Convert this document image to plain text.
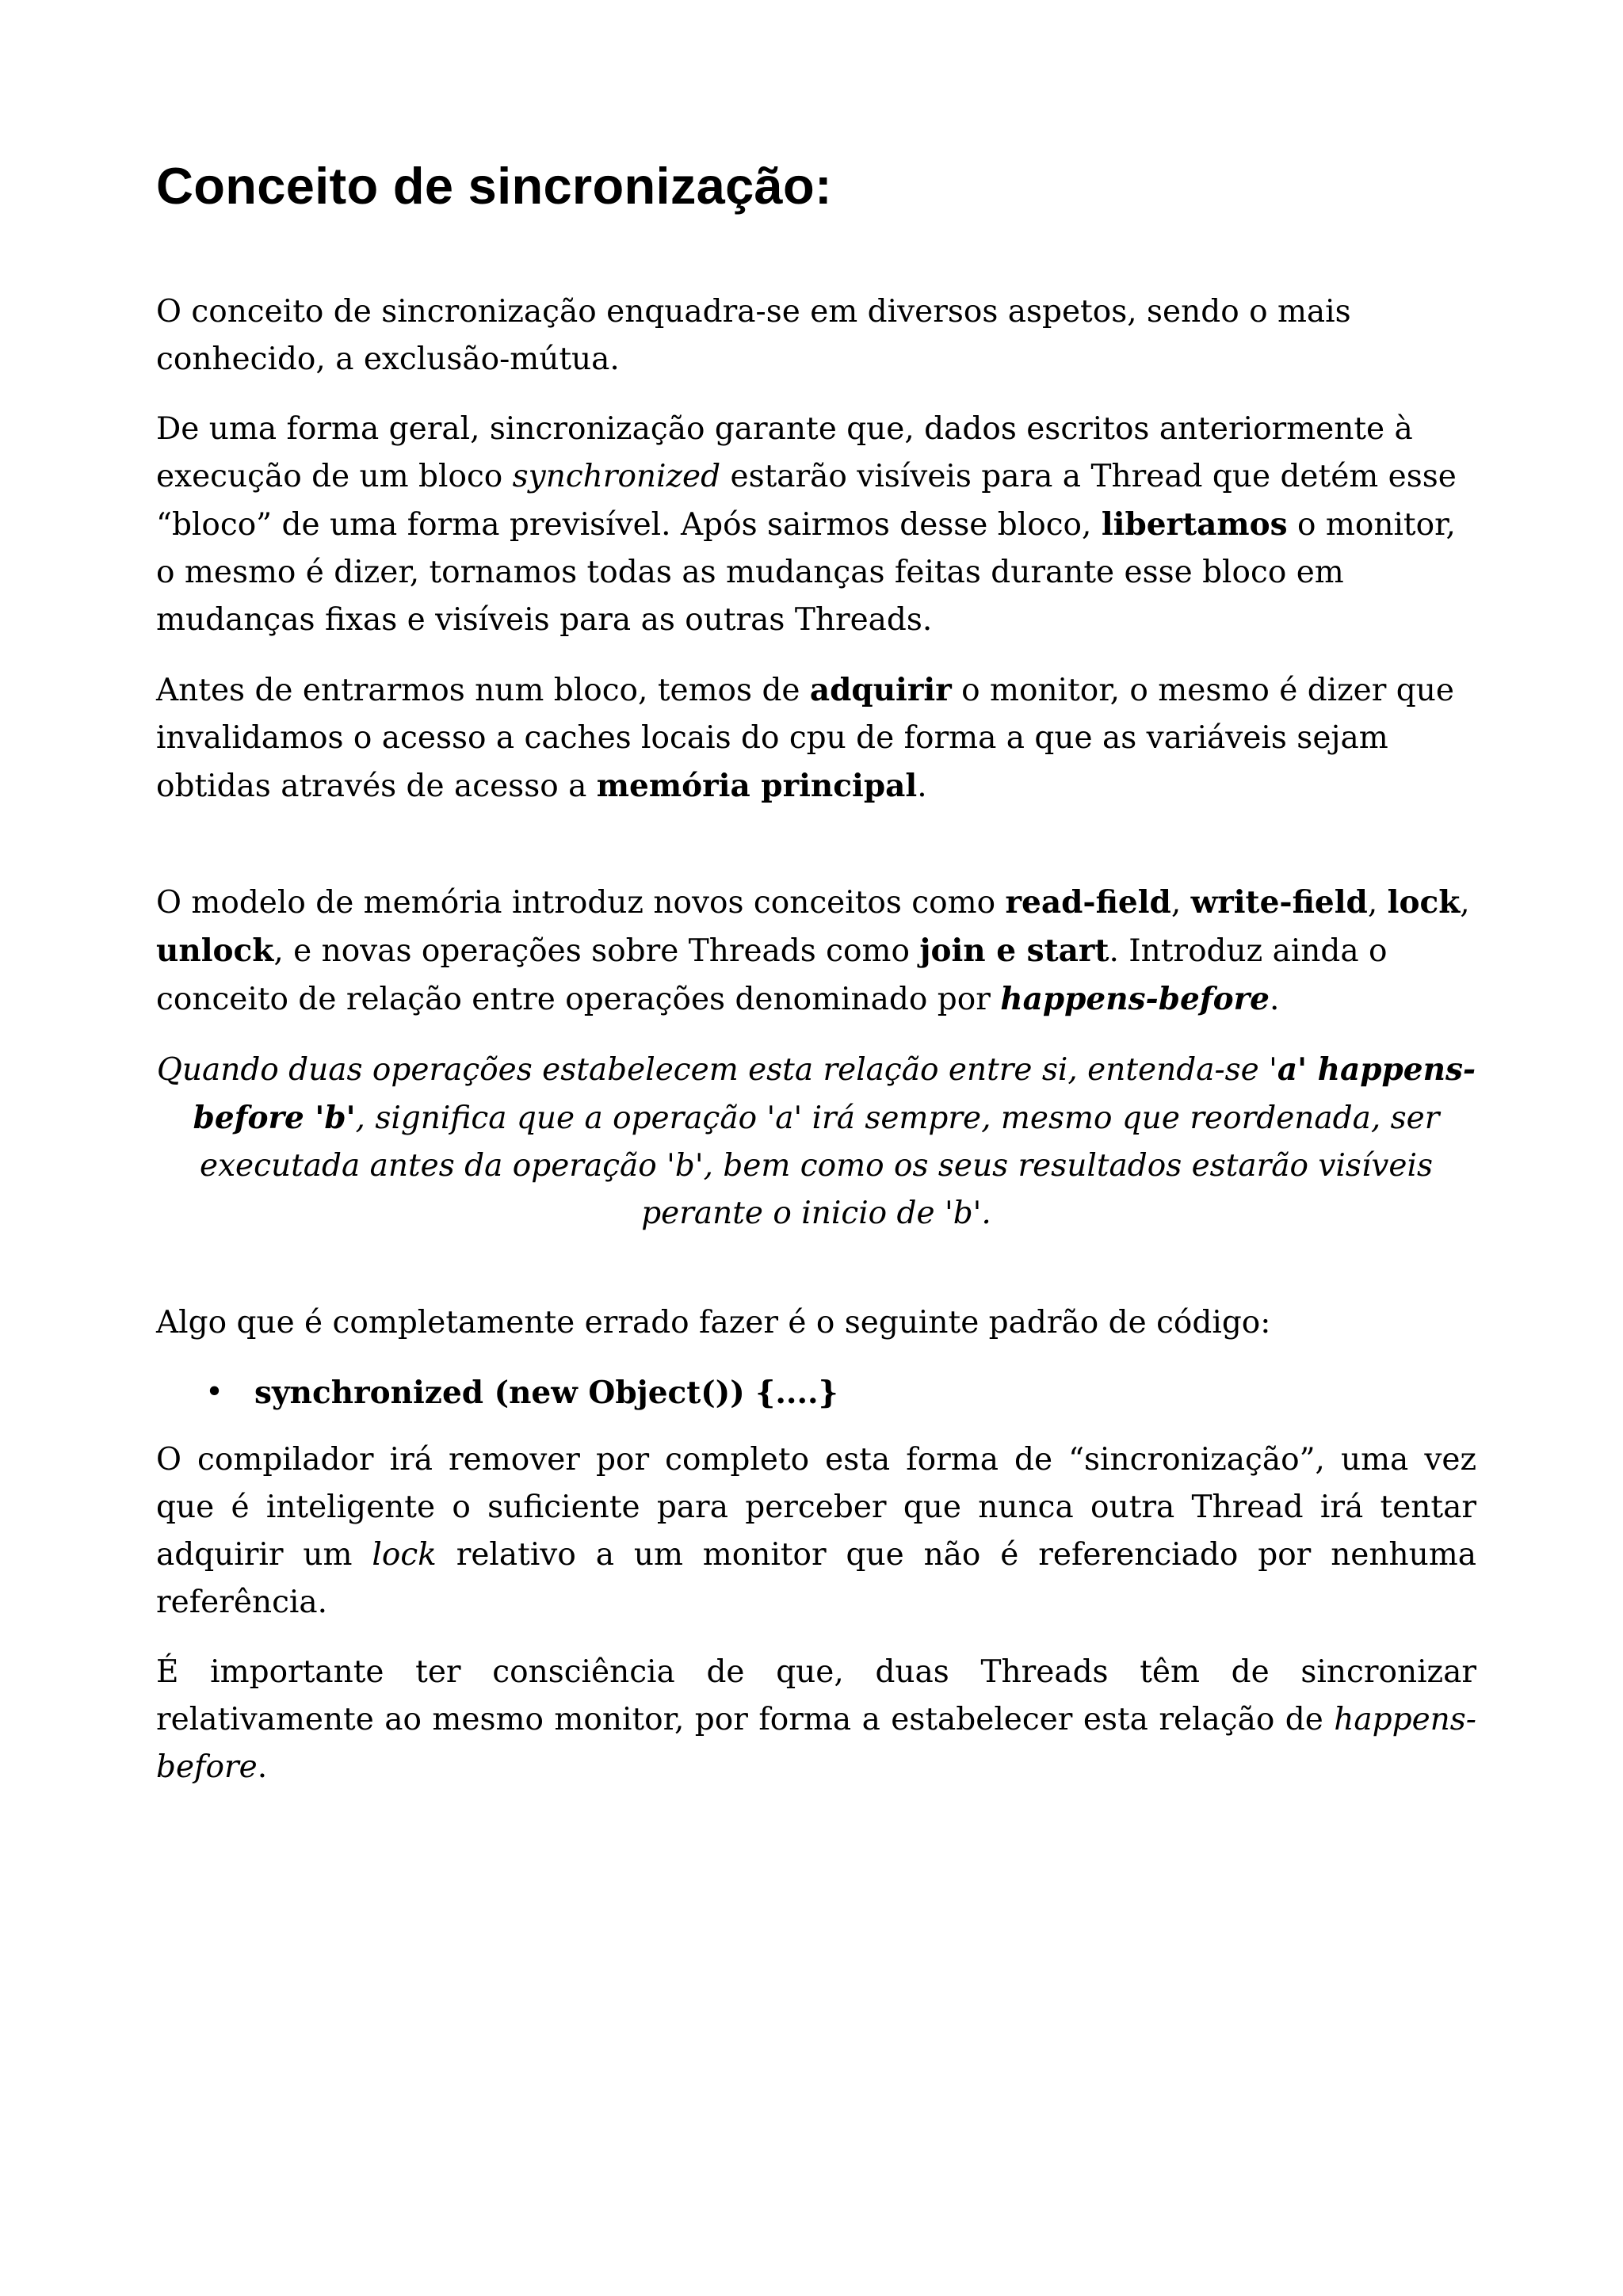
Conceito de sincronização:

O conceito de sincronização enquadra-se em diversos aspetos, sendo o mais conhecido, a exclusão-mútua.

De uma forma geral, sincronização garante que, dados escritos anteriormente à execução de um bloco synchronized estarão visíveis para a Thread que detém esse “bloco” de uma forma previsível. Após sairmos desse bloco, libertamos o monitor, o mesmo é dizer, tornamos todas as mudanças feitas durante esse bloco em mudanças fixas e visíveis para as outras Threads.

Antes de entrarmos num bloco, temos de adquirir o monitor, o mesmo é dizer que invalidamos o acesso a caches locais do cpu de forma a que as variáveis sejam obtidas através de acesso a memória principal.

O modelo de memória introduz novos conceitos como read-field, write-field, lock, unlock, e novas operações sobre Threads como join e start. Introduz ainda o conceito de relação entre operações denominado por happens-before.

Quando duas operações estabelecem esta relação entre si, entenda-se 'a' happens-before 'b', significa que a operação 'a' irá sempre, mesmo que reordenada, ser executada antes da operação 'b', bem como os seus resultados estarão visíveis perante o inicio de 'b'.

Algo que é completamente errado fazer é o seguinte padrão de código:

• synchronized (new Object()) {....}

O compilador irá remover por completo esta forma de “sincronização”, uma vez que é inteligente o suficiente para perceber que nunca outra Thread irá tentar adquirir um lock relativo a um monitor que não é referenciado por nenhuma referência.

É importante ter consciência de que, duas Threads têm de sincronizar relativamente ao mesmo monitor, por forma a estabelecer esta relação de happens-before.
